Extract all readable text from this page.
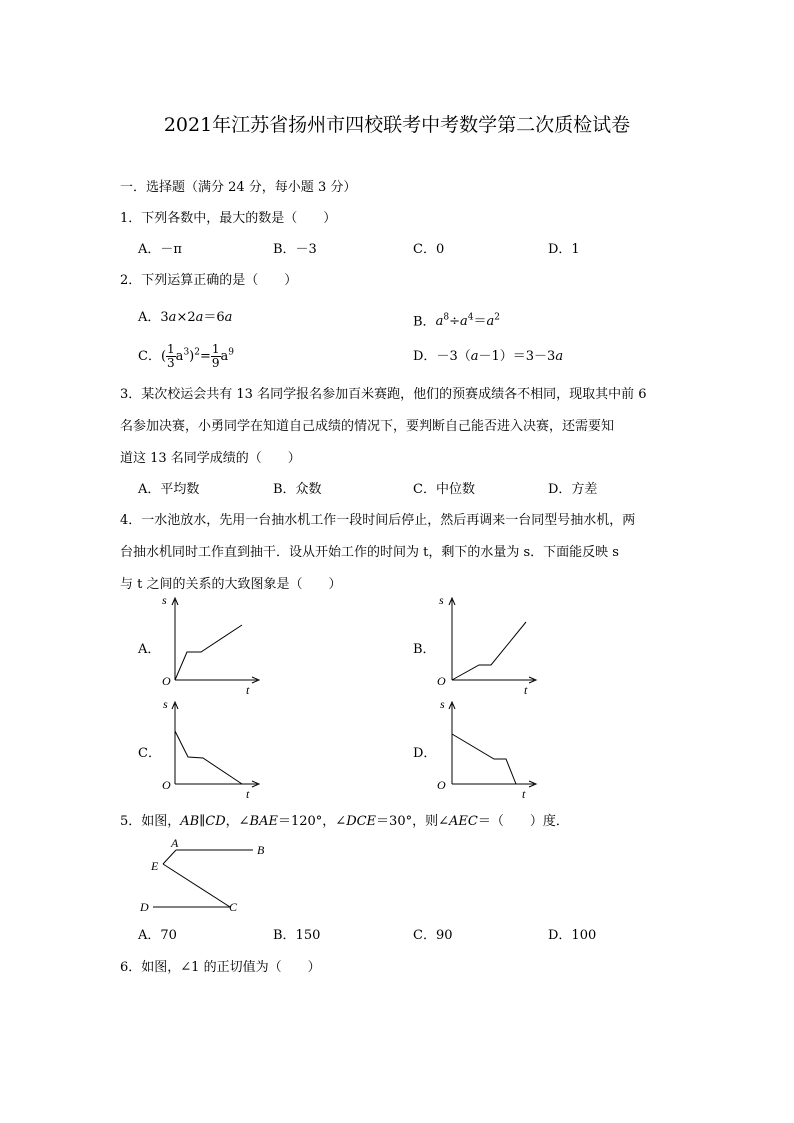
2021年江苏省扬州市四校联考中考数学第二次质检试卷
一．选择题（满分 24 分，每小题 3 分）
1．下列各数中，最大的数是（　　）
A．－π	B．－3	C．0	D．1
2．下列运算正确的是（　　）
A．3a×2a＝6a	B．$a^8\div a^4=a^2$
C．( $\frac{1}{3} a^3)^2= \frac{1}{9} a^9$	D．－3（a－1）＝3－3a
3．某次校运会共有 13 名同学报名参加百米赛跑，他们的预赛成绩各不相同，现取其中前 6
名参加决赛，小勇同学在知道自己成绩的情况下，要判断自己能否进入决赛，还需要知
道这 13 名同学成绩的（　　）
A．平均数	B．众数	C．中位数	D．方差
4．一水池放水，先用一台抽水机工作一段时间后停止，然后再调来一台同型号抽水机，两
台抽水机同时工作直到抽干．设从开始工作的时间为 t，剩下的水量为 s．下面能反映 s
与 t 之间的关系的大致图象是（　　）
A．	B．
C．	D．
s
O
t
s
O
t
s
O
t
s
O
t
5．如图，AB∥CD，∠BAE＝120°，∠DCE＝30°，则∠AEC＝（　　）度．
A	B
E
D	C
A．70	B．150	C．90	D．100
6．如图，∠1 的正切值为（　　）
